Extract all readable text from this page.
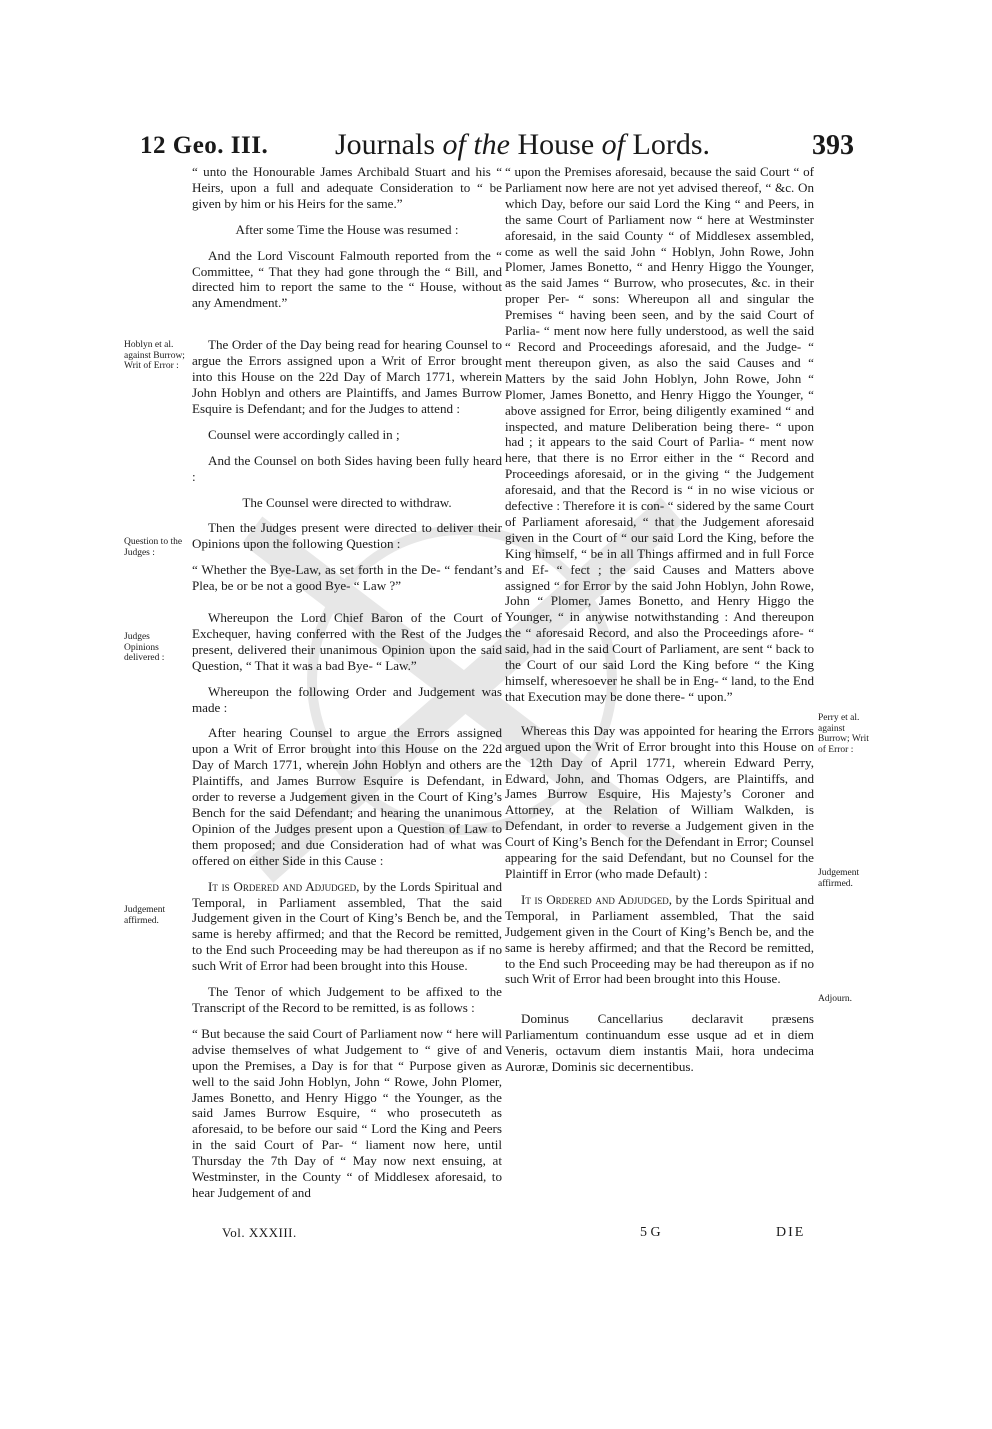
12 Geo. III. Journals of the House of Lords.	393
Hoblyn et al. against Burrow; Writ of Error :
Question to the Judges :
Judges Opinions delivered :
Judgement affirmed.
Perry et al. against Burrow; Writ of Error :
Judgement affirmed.
Adjourn.

“ unto the Honourable James Archibald Stuart and his “ Heirs, upon a full and adequate Consideration to “ be given by him or his Heirs for the same.”

After some Time the House was resumed :

And the Lord Viscount Falmouth reported from the “ Committee, “ That they had gone through the “ Bill, and directed him to report the same to the “ House, without any Amendment.”

The Order of the Day being read for hearing Counsel to argue the Errors assigned upon a Writ of Error brought into this House on the 22d Day of March 1771, wherein John Hoblyn and others are Plaintiffs, and James Burrow Esquire is Defendant; and for the Judges to attend :

Counsel were accordingly called in ;

And the Counsel on both Sides having been fully heard :

The Counsel were directed to withdraw.

Then the Judges present were directed to deliver their Opinions upon the following Question :

“ Whether the Bye-Law, as set forth in the De- “ fendant’s Plea, be or be not a good Bye- “ Law ?”

Whereupon the Lord Chief Baron of the Court of Exchequer, having conferred with the Rest of the Judges present, delivered their unanimous Opinion upon the said Question, “ That it was a bad Bye- “ Law.”

Whereupon the following Order and Judgement was made :

After hearing Counsel to argue the Errors assigned upon a Writ of Error brought into this House on the 22d Day of March 1771, wherein John Hoblyn and others are Plaintiffs, and James Burrow Esquire is Defendant, in order to reverse a Judgement given in the Court of King’s Bench for the said Defendant; and hearing the unanimous Opinion of the Judges present upon a Question of Law to them proposed; and due Consideration had of what was offered on either Side in this Cause :

It is Ordered and Adjudged, by the Lords Spiritual and Temporal, in Parliament assembled, That the said Judgement given in the Court of King’s Bench be, and the same is hereby affirmed; and that the Record be remitted, to the End such Proceeding may be had thereupon as if no such Writ of Error had been brought into this House.

The Tenor of which Judgement to be affixed to the Transcript of the Record to be remitted, is as follows :

“ But because the said Court of Parliament now “ here will advise themselves of what Judgement to “ give of and upon the Premises, a Day is for that “ Purpose given as well to the said John Hoblyn, John “ Rowe, John Plomer, James Bonetto, and Henry Higgo “ the Younger, as the said James Burrow Esquire, “ who prosecuteth as aforesaid, to be before our said “ Lord the King and Peers in the said Court of Par- “ liament now here, until Thursday the 7th Day of “ May now next ensuing, at Westminster, in the County “ of Middlesex aforesaid, to hear Judgement of and

“ upon the Premises aforesaid, because the said Court “ of Parliament now here are not yet advised thereof, “ &c. On which Day, before our said Lord the King “ and Peers, in the same Court of Parliament now “ here at Westminster aforesaid, in the said County “ of Middlesex assembled, come as well the said John “ Hoblyn, John Rowe, John Plomer, James Bonetto, “ and Henry Higgo the Younger, as the said James “ Burrow, who prosecutes, &c. in their proper Per- “ sons: Whereupon all and singular the Premises “ having been seen, and by the said Court of Parlia- “ ment now here fully understood, as well the said “ Record and Proceedings aforesaid, and the Judge- “ ment thereupon given, as also the said Causes and “ Matters by the said John Hoblyn, John Rowe, John “ Plomer, James Bonetto, and Henry Higgo the Younger, “ above assigned for Error, being diligently examined “ and inspected, and mature Deliberation being there- “ upon had ; it appears to the said Court of Parlia- “ ment now here, that there is no Error either in the “ Record and Proceedings aforesaid, or in the giving “ the Judgement aforesaid, and that the Record is “ in no wise vicious or defective : Therefore it is con- “ sidered by the same Court of Parliament aforesaid, “ that the Judgement aforesaid given in the Court of “ our said Lord the King, before the King himself, “ be in all Things affirmed and in full Force and Ef- “ fect ; the said Causes and Matters above assigned “ for Error by the said John Hoblyn, John Rowe, John “ Plomer, James Bonetto, and Henry Higgo the Younger, “ in anywise notwithstanding : And thereupon the “ aforesaid Record, and also the Proceedings afore- “ said, had in the said Court of Parliament, are sent “ back to the Court of our said Lord the King before “ the King himself, wheresoever he shall be in Eng- “ land, to the End that Execution may be done there- “ upon.”

Whereas this Day was appointed for hearing the Errors argued upon the Writ of Error brought into this House on the 12th Day of April 1771, wherein Edward Perry, Edward, John, and Thomas Odgers, are Plaintiffs, and James Burrow Esquire, His Majesty’s Coroner and Attorney, at the Relation of William Walkden, is Defendant, in order to reverse a Judgement given in the Court of King’s Bench for the Defendant in Error; Counsel appearing for the said Defendant, but no Counsel for the Plaintiff in Error (who made Default) :

It is Ordered and Adjudged, by the Lords Spiritual and Temporal, in Parliament assembled, That the said Judgement given in the Court of King’s Bench be, and the same is hereby affirmed; and that the Record be remitted, to the End such Proceeding may be had thereupon as if no such Writ of Error had been brought into this House.

Dominus Cancellarius declaravit præsens Parliamentum continuandum esse usque ad et in diem Veneris, octavum diem instantis Maii, hora undecima Auroræ, Dominis sic decernentibus.

Vol. XXXIII.	5 G	DIE
